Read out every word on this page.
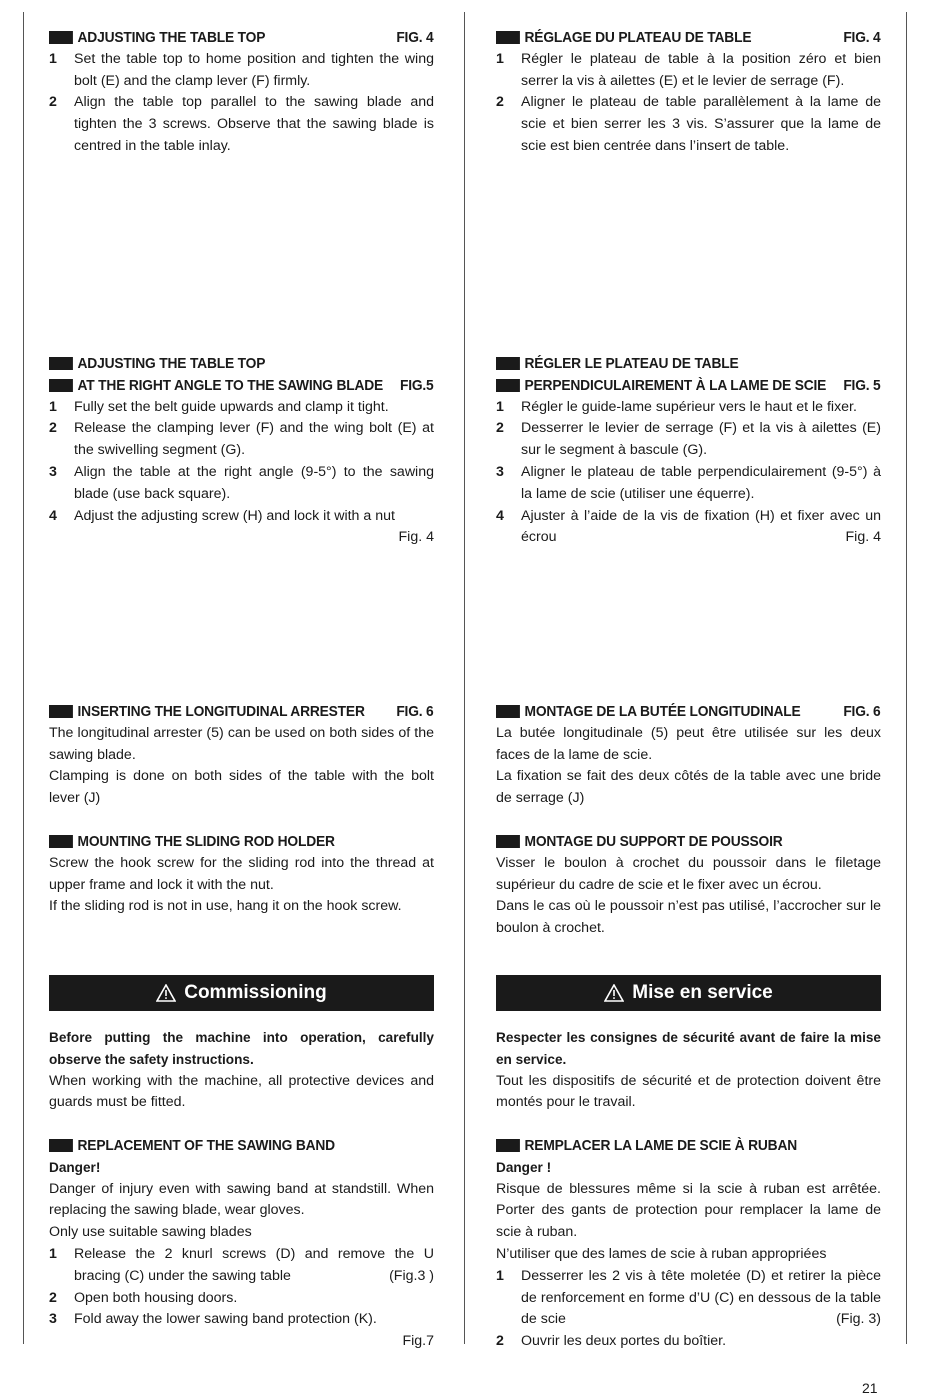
ADJUSTING THE TABLE TOP	FIG. 4
1	Set the table top to home position and tighten the wing bolt (E) and the clamp lever (F) firmly.
2	Align the table top parallel to the sawing blade and tighten the 3 screws. Observe that the sawing blade is centred in the table inlay.
ADJUSTING THE TABLE TOP
AT THE RIGHT ANGLE TO THE SAWING BLADE	FIG.5
1	Fully set the belt guide upwards and clamp it tight.
2	Release the clamping lever (F) and the wing bolt (E) at the swivelling segment (G).
3	Align the table at the right angle (9-5°) to the sawing blade (use back square).
4	Adjust the adjusting screw (H) and lock it with a nut
Fig. 4
INSERTING THE LONGITUDINAL ARRESTER	FIG. 6

The longitudinal arrester (5) can be used on both sides of the sawing blade.

Clamping is done on both sides of the table with the bolt lever (J)

MOUNTING THE SLIDING ROD HOLDER

Screw the hook screw for the sliding rod into the thread at upper frame and lock it with the nut.

If the sliding rod is not in use, hang it on the hook screw.

Commissioning

Before putting the machine into operation, carefully observe the safety instructions.

When working with the machine, all protective devices and guards must be fitted.

REPLACEMENT OF THE SAWING BAND

Danger!

Danger of injury even with sawing band at standstill. When replacing the sawing blade, wear gloves.

Only use suitable sawing blades

1	Release the 2 knurl screws (D) and remove the U bracing (C) under the sawing table	(Fig.3 )
2	Open both housing doors.
3	Fold away the lower sawing band protection (K).
Fig.7
RÉGLAGE DU PLATEAU DE TABLE	FIG. 4
1	Régler le plateau de table à la position zéro et bien serrer la vis à ailettes (E) et le levier de serrage (F).
2	Aligner le plateau de table parallèlement à la lame de scie et bien serrer les 3 vis. S’assurer que la lame de scie est bien centrée dans l’insert de table.
RÉGLER LE PLATEAU DE TABLE
PERPENDICULAIREMENT À LA LAME DE SCIE	FIG. 5
1	Régler le guide-lame supérieur vers le haut et le fixer.
2	Desserrer le levier de serrage (F) et la vis à ailettes (E) sur le segment à bascule (G).
3	Aligner le plateau de table perpendiculairement (9-5°) à la lame de scie (utiliser une équerre).
4	Ajuster à l’aide de la vis de fixation (H) et fixer avec un écrou	Fig. 4
MONTAGE DE LA BUTÉE LONGITUDINALE	FIG. 6

La butée longitudinale (5) peut être utilisée sur les deux faces de la lame de scie.

La fixation se fait des deux côtés de la table avec une bride de serrage (J)

MONTAGE DU SUPPORT DE POUSSOIR

Visser le boulon à crochet du poussoir dans le filetage supérieur du cadre de scie et le fixer avec un écrou.

Dans le cas où le poussoir n’est pas utilisé, l’accrocher sur le boulon à crochet.

Mise en service

Respecter les consignes de sécurité avant de faire la mise en service.

Tout les dispositifs de sécurité et de protection doivent être montés pour le travail.

REMPLACER LA LAME DE SCIE À RUBAN

Danger !

Risque de blessures même si la scie à ruban est arrêtée. Porter des gants de protection pour remplacer la lame de scie à ruban.

N’utiliser que des lames de scie à ruban appropriées

1	Desserrer les 2 vis à tête moletée (D) et retirer la pièce de renforcement en forme d’U (C) en dessous de la table de scie	(Fig. 3)
2	Ouvrir les deux portes du boîtier.
21
